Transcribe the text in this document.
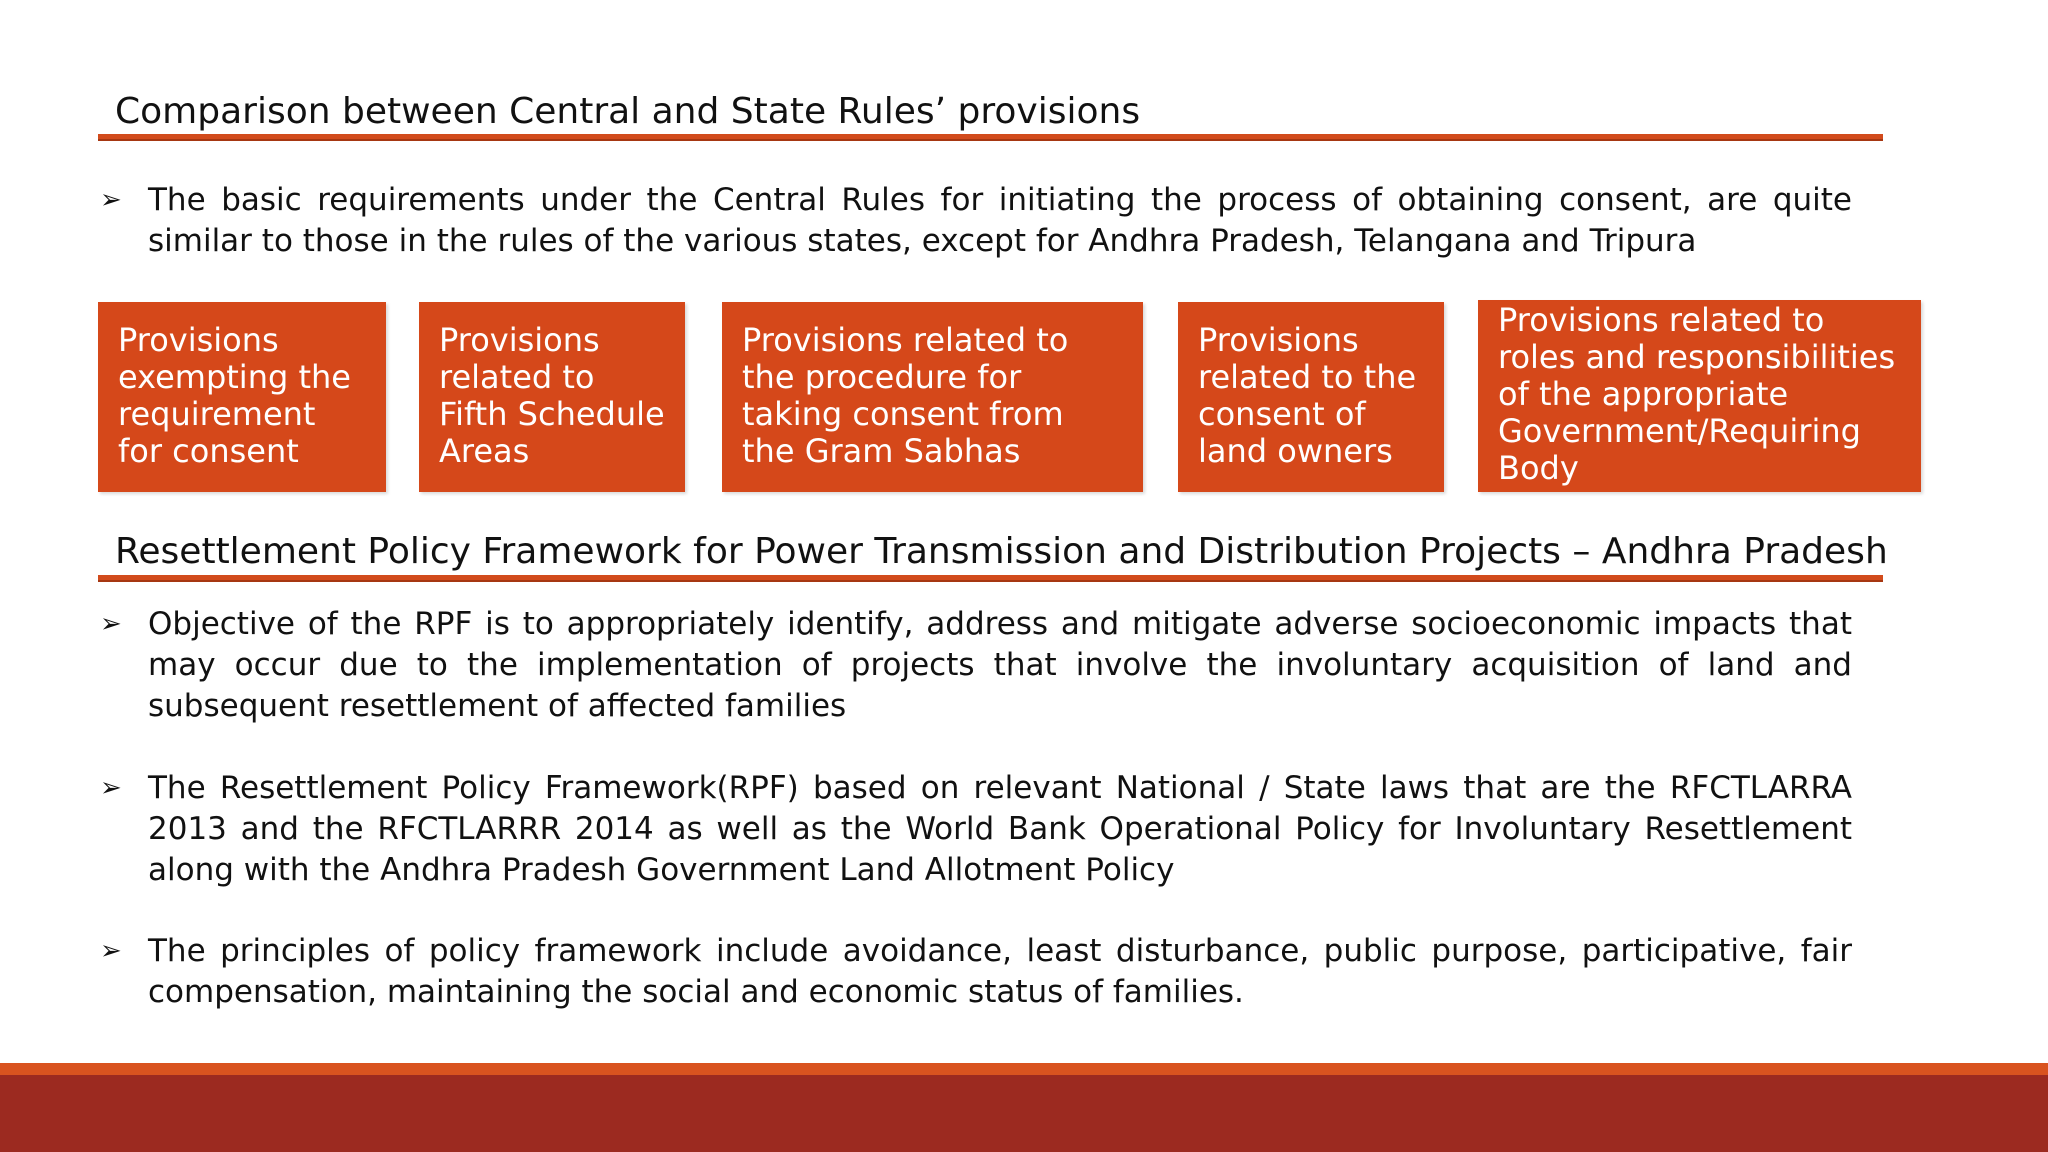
Comparison between Central and State Rules’ provisions
➢ The basic requirements under the Central Rules for initiating the process of obtaining consent, are quite similar to those in the rules of the various states, except for Andhra Pradesh, Telangana and Tripura
Provisions exempting the requirement for consent
Provisions related to Fifth Schedule Areas
Provisions related to the procedure for taking consent from the Gram Sabhas
Provisions related to the consent of land owners
Provisions related to roles and responsibilities of the appropriate Government/Requiring Body
Resettlement Policy Framework for Power Transmission and Distribution Projects – Andhra Pradesh
➢ Objective of the RPF is to appropriately identify, address and mitigate adverse socioeconomic impacts that may occur due to the implementation of projects that involve the involuntary acquisition of land and subsequent resettlement of affected families
➢ The Resettlement Policy Framework(RPF) based on relevant National / State laws that are the RFCTLARRA 2013 and the RFCTLARRR 2014 as well as the World Bank Operational Policy for Involuntary Resettlement along with the Andhra Pradesh Government Land Allotment Policy
➢ The principles of policy framework include avoidance, least disturbance, public purpose, participative, fair compensation, maintaining the social and economic status of families.
